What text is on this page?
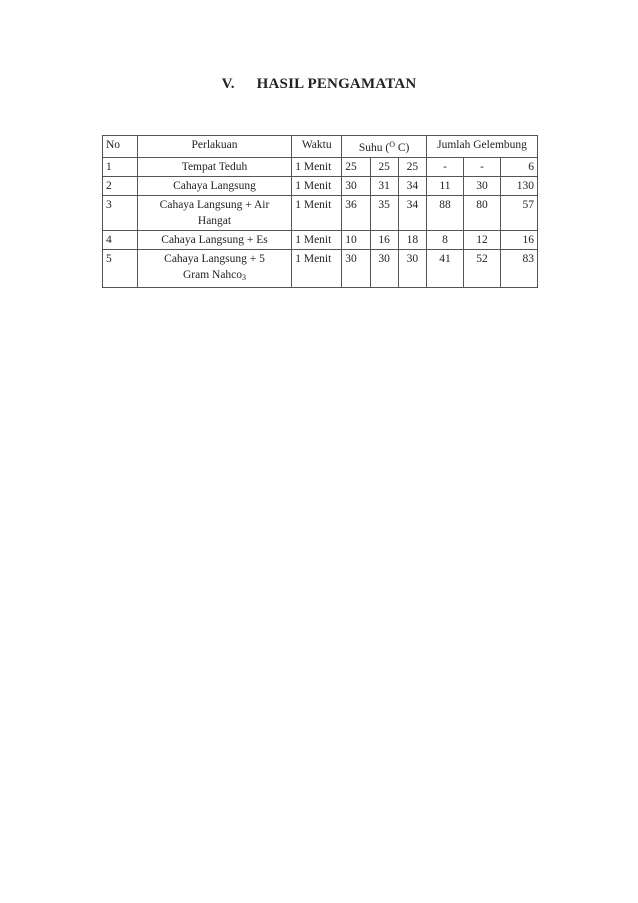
V. HASIL PENGAMATAN
No	Perlakuan	Waktu	Suhu ($^O$ C)			Jumlah Gelembung		
1	Tempat Teduh	1 Menit	25	25	25	-	-	6
2	Cahaya Langsung	1 Menit	30	31	34	11	30	130
3	Cahaya Langsung + Air
Hangat	1 Menit	36	35	34	88	80	57
4	Cahaya Langsung + Es	1 Menit	10	16	18	8	12	16
5	Cahaya Langsung + 5
Gram Nahco$_3$	1 Menit	30	30	30	41	52	83
